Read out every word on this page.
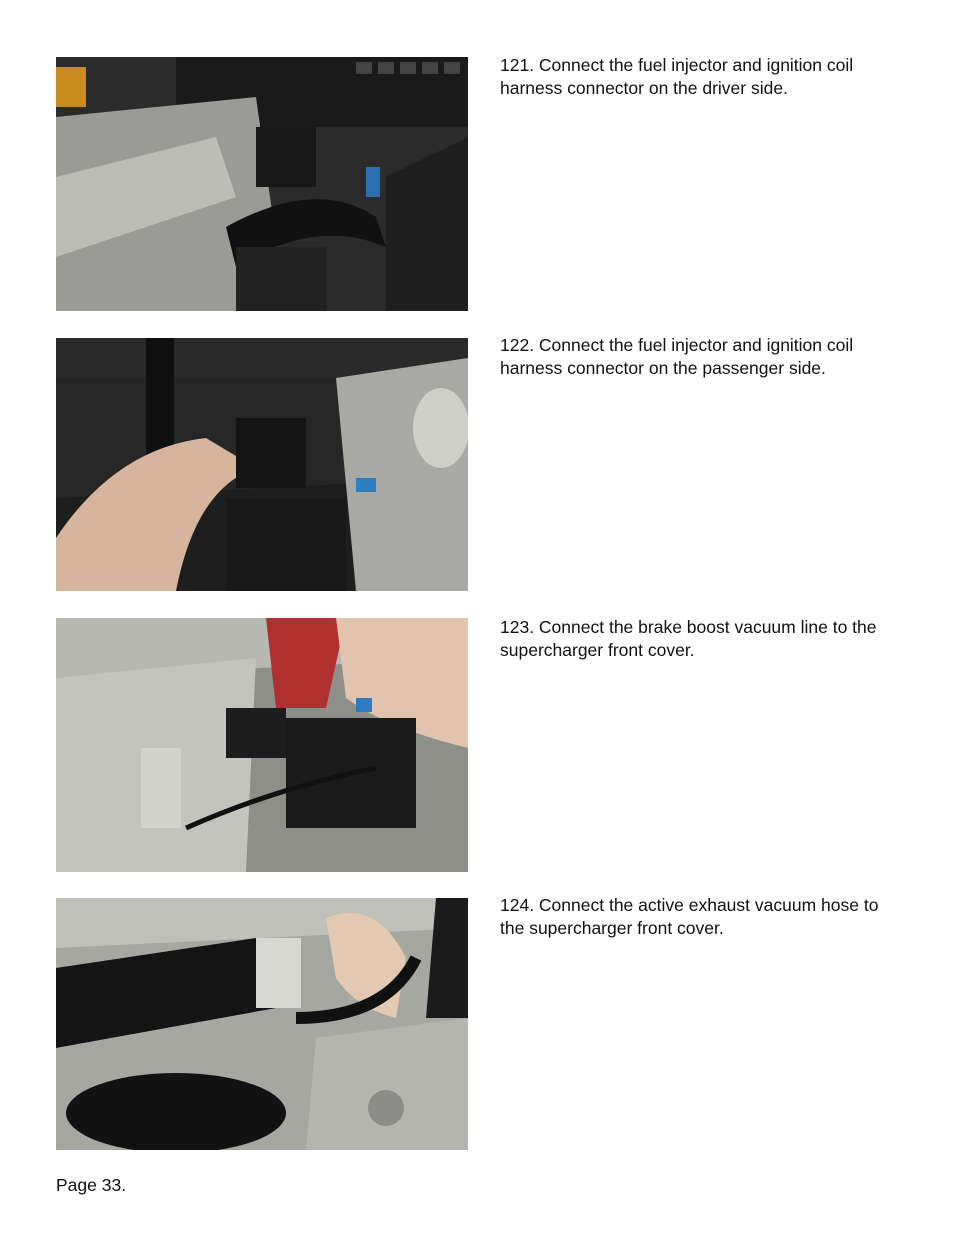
121. Connect the fuel injector and ignition coil harness connector on the driver side.

122. Connect the fuel injector and ignition coil harness connector on the passenger side.

123. Connect the brake boost vacuum line to the supercharger front cover.

124. Connect the active exhaust vacuum hose to the supercharger front cover.

Page 33.
